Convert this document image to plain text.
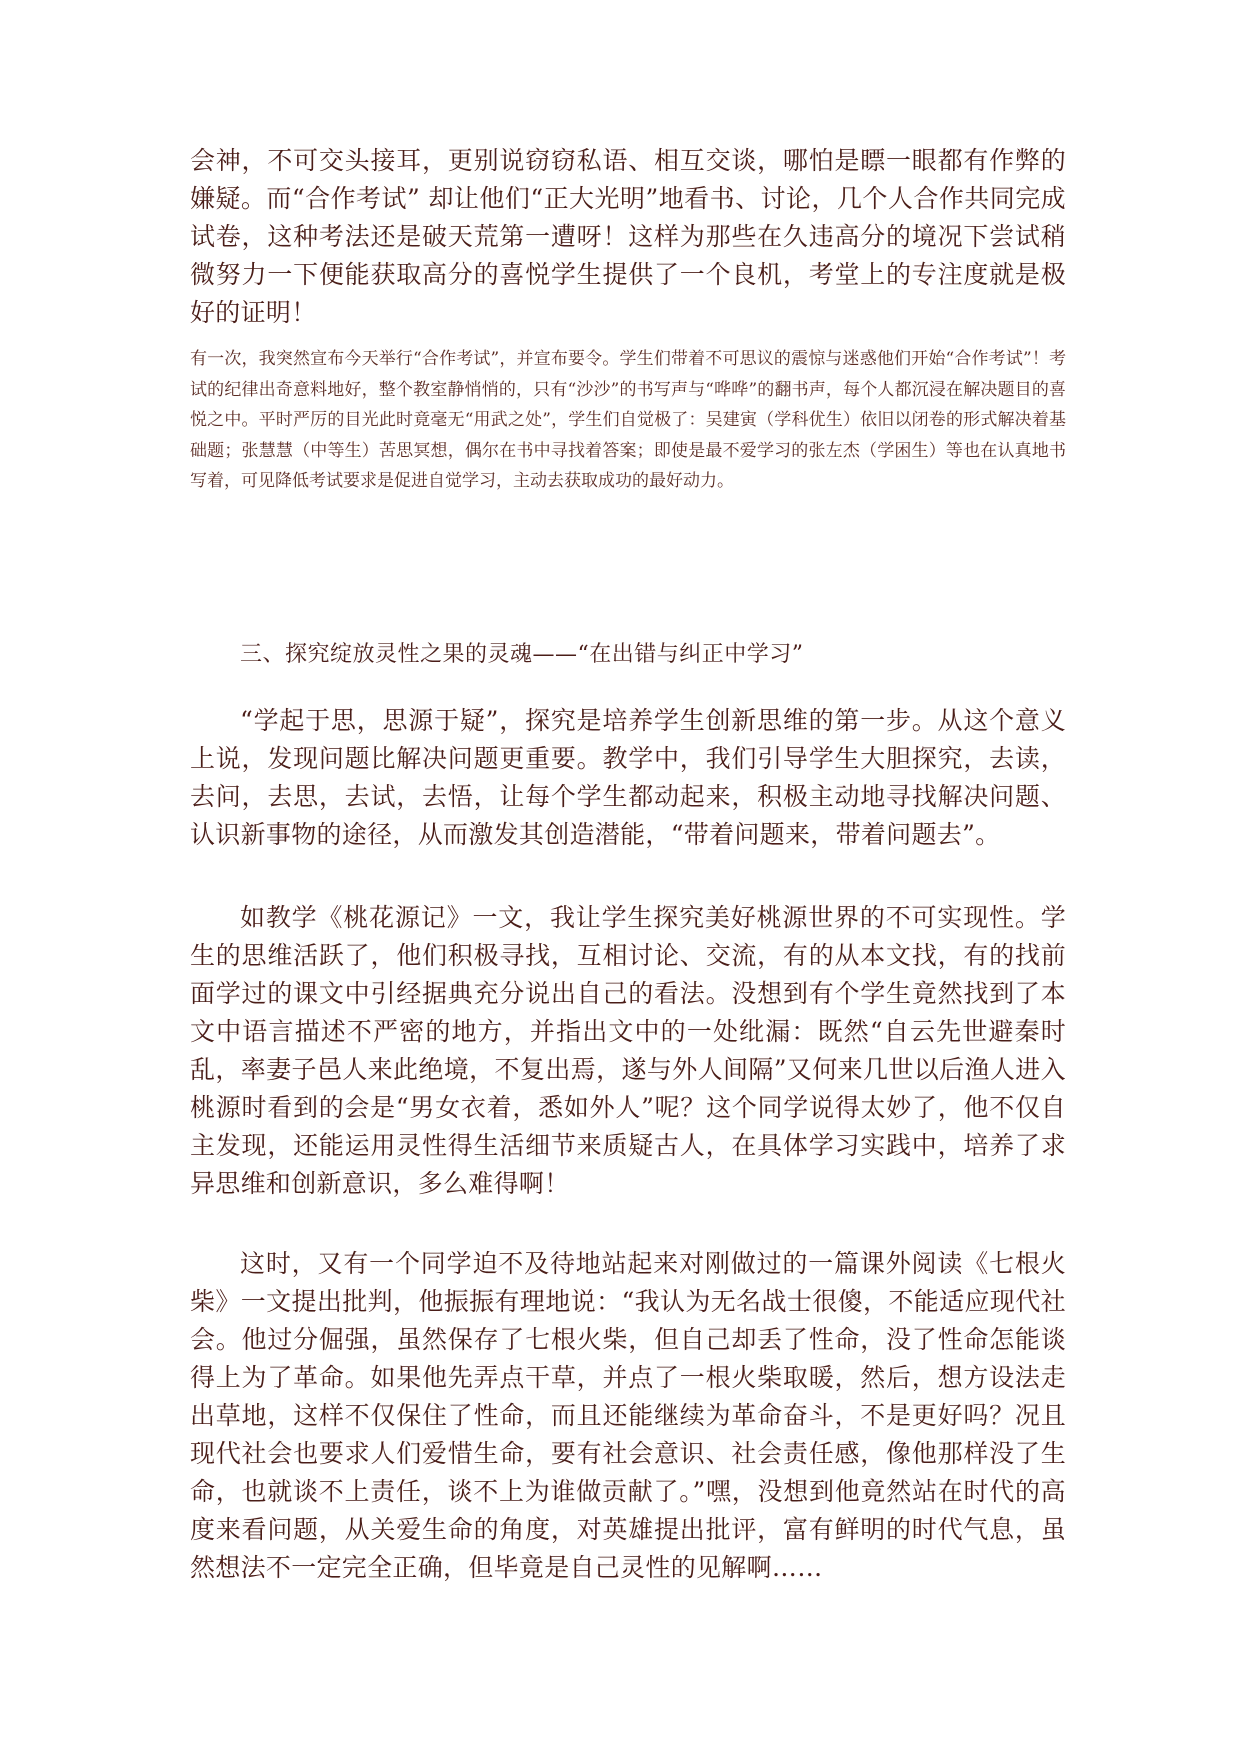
会神，不可交头接耳，更别说窃窃私语、相互交谈，哪怕是瞟一眼都有作弊的嫌疑。而“合作考试” 却让他们“正大光明”地看书、讨论，几个人合作共同完成试卷，这种考法还是破天荒第一遭呀！这样为那些在久违高分的境况下尝试稍微努力一下便能获取高分的喜悦学生提供了一个良机，考堂上的专注度就是极好的证明！

有一次，我突然宣布今天举行“合作考试”，并宣布要令。学生们带着不可思议的震惊与迷惑他们开始“合作考试”！考试的纪律出奇意料地好，整个教室静悄悄的，只有“沙沙”的书写声与“哗哗”的翻书声，每个人都沉浸在解决题目的喜悦之中。平时严厉的目光此时竟毫无“用武之处”，学生们自觉极了：吴建寅（学科优生）依旧以闭卷的形式解决着基础题；张慧慧（中等生）苦思冥想，偶尔在书中寻找着答案；即使是最不爱学习的张左杰（学困生）等也在认真地书写着，可见降低考试要求是促进自觉学习，主动去获取成功的最好动力。

三、探究绽放灵性之果的灵魂——“在出错与纠正中学习”

“学起于思，思源于疑”，探究是培养学生创新思维的第一步。从这个意义上说，发现问题比解决问题更重要。教学中，我们引导学生大胆探究，去读，去问，去思，去试，去悟，让每个学生都动起来，积极主动地寻找解决问题、认识新事物的途径，从而激发其创造潜能，“带着问题来，带着问题去”。

如教学《桃花源记》一文，我让学生探究美好桃源世界的不可实现性。学生的思维活跃了，他们积极寻找，互相讨论、交流，有的从本文找，有的找前面学过的课文中引经据典充分说出自己的看法。没想到有个学生竟然找到了本文中语言描述不严密的地方，并指出文中的一处纰漏：既然“自云先世避秦时乱，率妻子邑人来此绝境，不复出焉，遂与外人间隔”又何来几世以后渔人进入桃源时看到的会是“男女衣着，悉如外人”呢？这个同学说得太妙了，他不仅自主发现，还能运用灵性得生活细节来质疑古人，在具体学习实践中，培养了求异思维和创新意识，多么难得啊！

这时，又有一个同学迫不及待地站起来对刚做过的一篇课外阅读《七根火柴》一文提出批判，他振振有理地说：“我认为无名战士很傻，不能适应现代社会。他过分倔强，虽然保存了七根火柴，但自己却丢了性命，没了性命怎能谈得上为了革命。如果他先弄点干草，并点了一根火柴取暖，然后，想方设法走出草地，这样不仅保住了性命，而且还能继续为革命奋斗，不是更好吗？况且现代社会也要求人们爱惜生命，要有社会意识、社会责任感，像他那样没了生命，也就谈不上责任，谈不上为谁做贡献了。”嘿，没想到他竟然站在时代的高度来看问题，从关爱生命的角度，对英雄提出批评，富有鲜明的时代气息，虽然想法不一定完全正确，但毕竟是自己灵性的见解啊……
